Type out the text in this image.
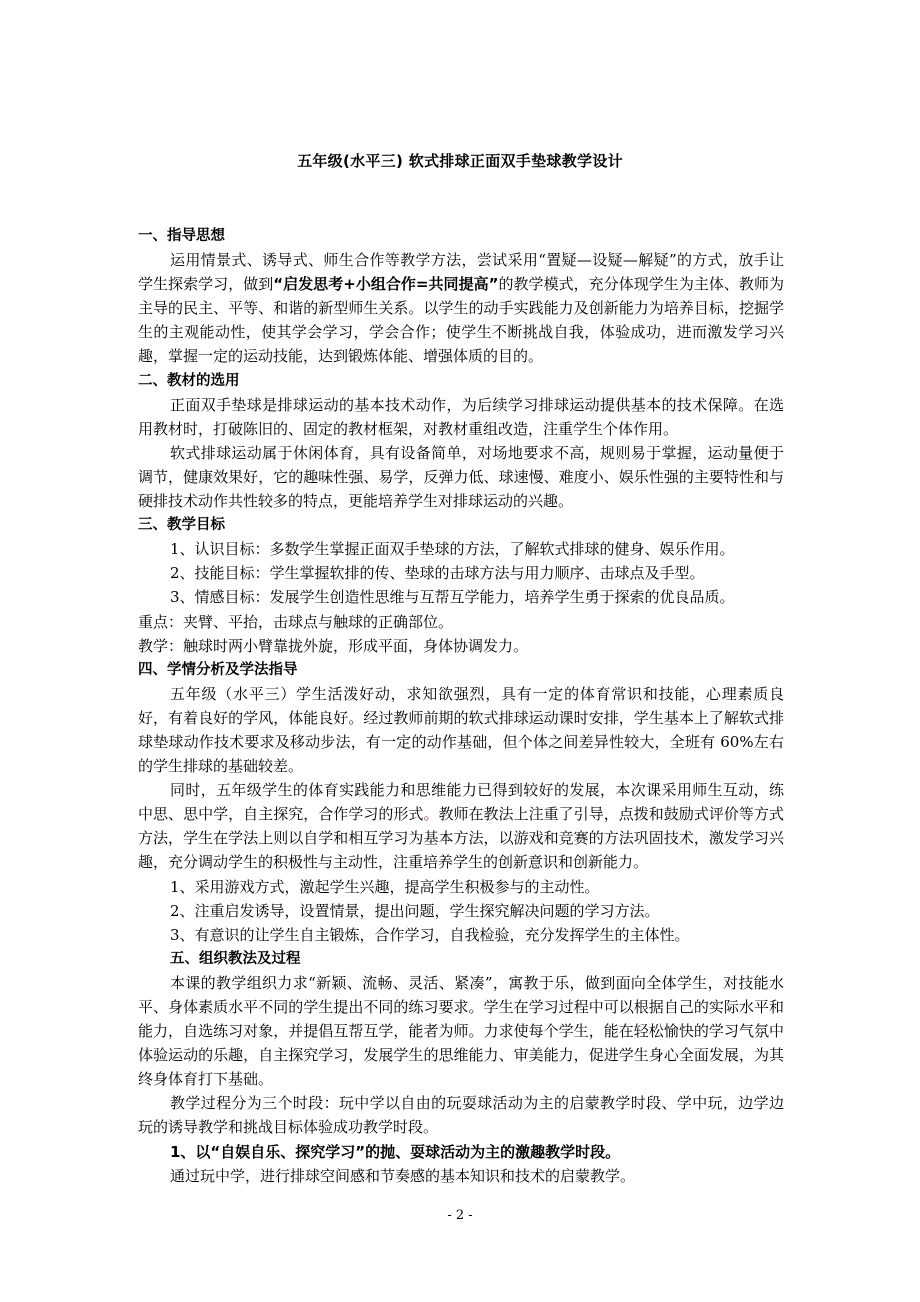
五年级(水平三) 软式排球正面双手垫球教学设计

一、指导思想

运用情景式、诱导式、师生合作等教学方法，尝试采用“置疑—设疑—解疑”的方式，放手让学生探索学习，做到“启发思考+小组合作=共同提高”的教学模式，充分体现学生为主体、教师为主导的民主、平等、和谐的新型师生关系。以学生的动手实践能力及创新能力为培养目标，挖掘学生的主观能动性，使其学会学习，学会合作；使学生不断挑战自我，体验成功，进而激发学习兴趣，掌握一定的运动技能，达到锻炼体能、增强体质的目的。

二、教材的选用

正面双手垫球是排球运动的基本技术动作，为后续学习排球运动提供基本的技术保障。在选用教材时，打破陈旧的、固定的教材框架，对教材重组改造，注重学生个体作用。

软式排球运动属于休闲体育，具有设备简单，对场地要求不高，规则易于掌握，运动量便于调节，健康效果好，它的趣味性强、易学，反弹力低、球速慢、难度小、娱乐性强的主要特性和与硬排技术动作共性较多的特点，更能培养学生对排球运动的兴趣。

三、教学目标

1、认识目标：多数学生掌握正面双手垫球的方法，了解软式排球的健身、娱乐作用。

2、技能目标：学生掌握软排的传、垫球的击球方法与用力顺序、击球点及手型。

3、情感目标：发展学生创造性思维与互帮互学能力，培养学生勇于探索的优良品质。

重点：夹臂、平抬，击球点与触球的正确部位。

教学：触球时两小臂靠拢外旋，形成平面，身体协调发力。

四、学情分析及学法指导

五年级（水平三）学生活泼好动，求知欲强烈，具有一定的体育常识和技能，心理素质良好，有着良好的学风，体能良好。经过教师前期的软式排球运动课时安排，学生基本上了解软式排球垫球动作技术要求及移动步法，有一定的动作基础，但个体之间差异性较大，全班有 60%左右的学生排球的基础较差。

同时，五年级学生的体育实践能力和思维能力已得到较好的发展，本次课采用师生互动，练中思、思中学，自主探究，合作学习的形式。教师在教法上注重了引导，点拨和鼓励式评价等方式方法，学生在学法上则以自学和相互学习为基本方法，以游戏和竞赛的方法巩固技术，激发学习兴趣，充分调动学生的积极性与主动性，注重培养学生的创新意识和创新能力。

1、采用游戏方式，激起学生兴趣，提高学生积极参与的主动性。

2、注重启发诱导，设置情景，提出问题，学生探究解决问题的学习方法。

3、有意识的让学生自主锻炼，合作学习，自我检验，充分发挥学生的主体性。

五、组织教法及过程

本课的教学组织力求“新颖、流畅、灵活、紧凑”，寓教于乐，做到面向全体学生，对技能水平、身体素质水平不同的学生提出不同的练习要求。学生在学习过程中可以根据自己的实际水平和能力，自选练习对象，并提倡互帮互学，能者为师。力求使每个学生，能在轻松愉快的学习气氛中体验运动的乐趣，自主探究学习，发展学生的思维能力、审美能力，促进学生身心全面发展，为其终身体育打下基础。

教学过程分为三个时段：玩中学以自由的玩耍球活动为主的启蒙教学时段、学中玩，边学边玩的诱导教学和挑战目标体验成功教学时段。

1、以“自娱自乐、探究学习”的抛、耍球活动为主的激趣教学时段。

通过玩中学，进行排球空间感和节奏感的基本知识和技术的启蒙教学。

- 2 -
